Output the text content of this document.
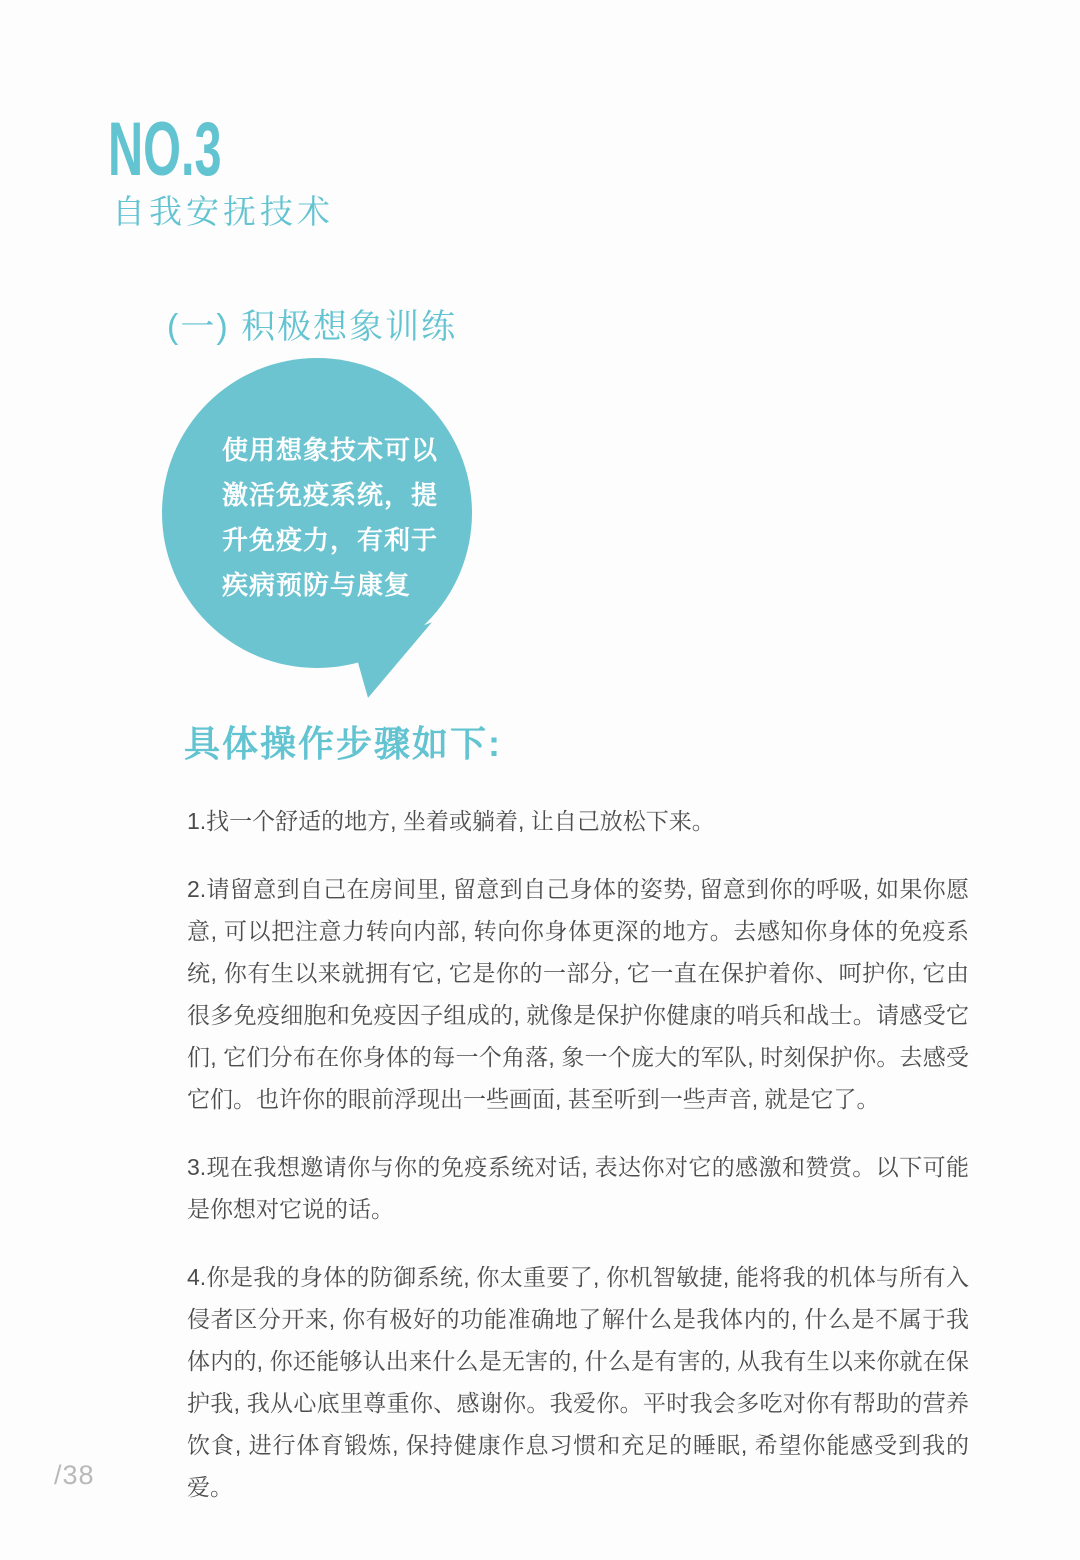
NO.3
自我安抚技术
(一) 积极想象训练
使用想象技术可以
激活免疫系统，提
升免疫力，有利于
疾病预防与康复
具体操作步骤如下:

1.找一个舒适的地方, 坐着或躺着, 让自己放松下来。

2.请留意到自己在房间里, 留意到自己身体的姿势, 留意到你的呼吸, 如果你愿意, 可以把注意力转向内部, 转向你身体更深的地方。去感知你身体的免疫系统, 你有生以来就拥有它, 它是你的一部分, 它一直在保护着你、呵护你, 它由很多免疫细胞和免疫因子组成的, 就像是保护你健康的哨兵和战士。请感受它们, 它们分布在你身体的每一个角落, 象一个庞大的军队, 时刻保护你。去感受它们。也许你的眼前浮现出一些画面, 甚至听到一些声音, 就是它了。

3.现在我想邀请你与你的免疫系统对话, 表达你对它的感激和赞赏。以下可能是你想对它说的话。

4.你是我的身体的防御系统, 你太重要了, 你机智敏捷, 能将我的机体与所有入侵者区分开来, 你有极好的功能准确地了解什么是我体内的, 什么是不属于我体内的, 你还能够认出来什么是无害的, 什么是有害的, 从我有生以来你就在保护我, 我从心底里尊重你、感谢你。我爱你。平时我会多吃对你有帮助的营养饮食, 进行体育锻炼, 保持健康作息习惯和充足的睡眠, 希望你能感受到我的爱。

/38
